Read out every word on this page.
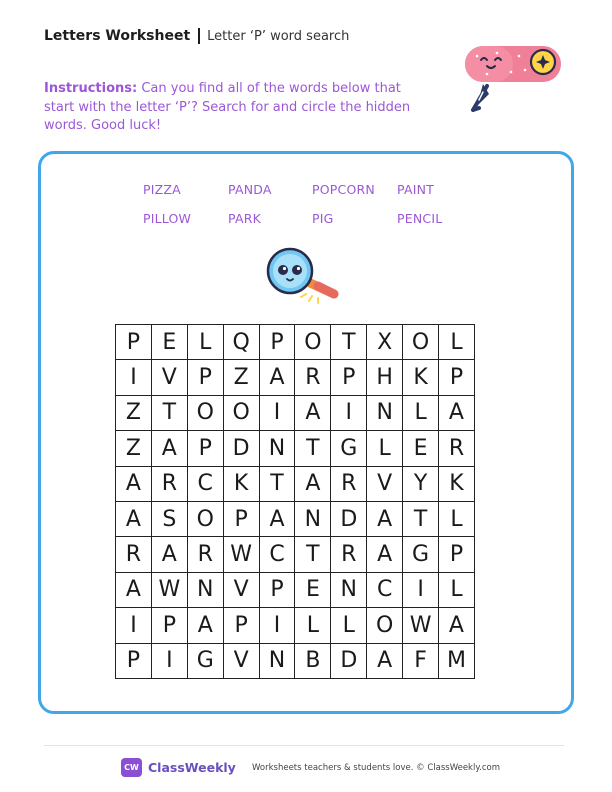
Letters Worksheet Letter ‘P’ word search
Instructions: Can you find all of the words below that start with the letter ‘P’? Search for and circle the hidden words. Good luck!
PIZZA	PANDA	POPCORN PAINT
PILLOW	PARK	PIG	PENCIL
P	E	L	Q	P	O	T	X	O	L
I	V	P	Z	A	R	P	H	K	P
Z	T	O	O	I	A	I	N	L	A
Z	A	P	D	N	T	G	L	E	R
A	R	C	K	T	A	R	V	Y	K
A	S	O	P	A	N	D	A	T	L
R	A	R	W	C	T	R	A	G	P
A	W	N	V	P	E	N	C	I	L
I	P	A	P	I	L	L	O	W	A
P	I	G	V	N	B	D	A	F	M
CW ClassWeekly Worksheets teachers & students love. © ClassWeekly.com
